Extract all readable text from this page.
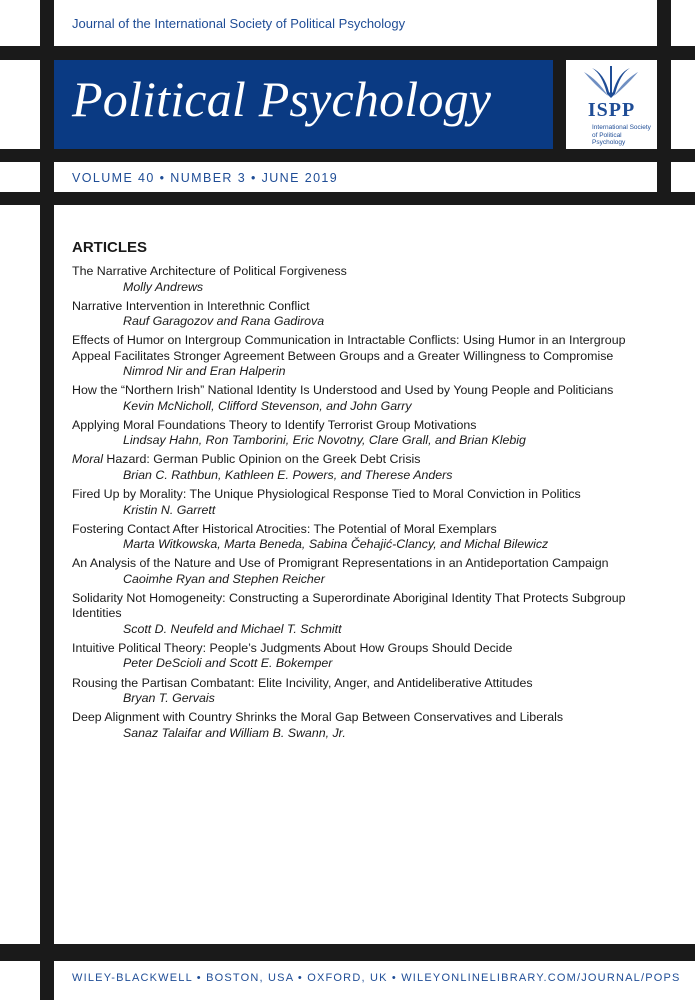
Journal of the International Society of Political Psychology
Political Psychology	ISPP
International Society of Political Psychology
VOLUME 40 • NUMBER 3 • JUNE 2019
ARTICLES
The Narrative Architecture of Political Forgiveness
Molly Andrews
Narrative Intervention in Interethnic Conflict
Rauf Garagozov and Rana Gadirova
Effects of Humor on Intergroup Communication in Intractable Conflicts: Using Humor in an Intergroup Appeal Facilitates Stronger Agreement Between Groups and a Greater Willingness to Compromise
Nimrod Nir and Eran Halperin
How the “Northern Irish” National Identity Is Understood and Used by Young People and Politicians
Kevin McNicholl, Clifford Stevenson, and John Garry
Applying Moral Foundations Theory to Identify Terrorist Group Motivations
Lindsay Hahn, Ron Tamborini, Eric Novotny, Clare Grall, and Brian Klebig
Moral Hazard: German Public Opinion on the Greek Debt Crisis
Brian C. Rathbun, Kathleen E. Powers, and Therese Anders
Fired Up by Morality: The Unique Physiological Response Tied to Moral Conviction in Politics
Kristin N. Garrett
Fostering Contact After Historical Atrocities: The Potential of Moral Exemplars
Marta Witkowska, Marta Beneda, Sabina Čehajić-Clancy, and Michal Bilewicz
An Analysis of the Nature and Use of Promigrant Representations in an Antideportation Campaign
Caoimhe Ryan and Stephen Reicher
Solidarity Not Homogeneity: Constructing a Superordinate Aboriginal Identity That Protects Subgroup Identities
Scott D. Neufeld and Michael T. Schmitt
Intuitive Political Theory: People’s Judgments About How Groups Should Decide
Peter DeScioli and Scott E. Bokemper
Rousing the Partisan Combatant: Elite Incivility, Anger, and Antideliberative Attitudes
Bryan T. Gervais
Deep Alignment with Country Shrinks the Moral Gap Between Conservatives and Liberals
Sanaz Talaifar and William B. Swann, Jr.
WILEY-BLACKWELL • BOSTON, USA • OXFORD, UK • WILEYONLINELIBRARY.COM/JOURNAL/POPS
